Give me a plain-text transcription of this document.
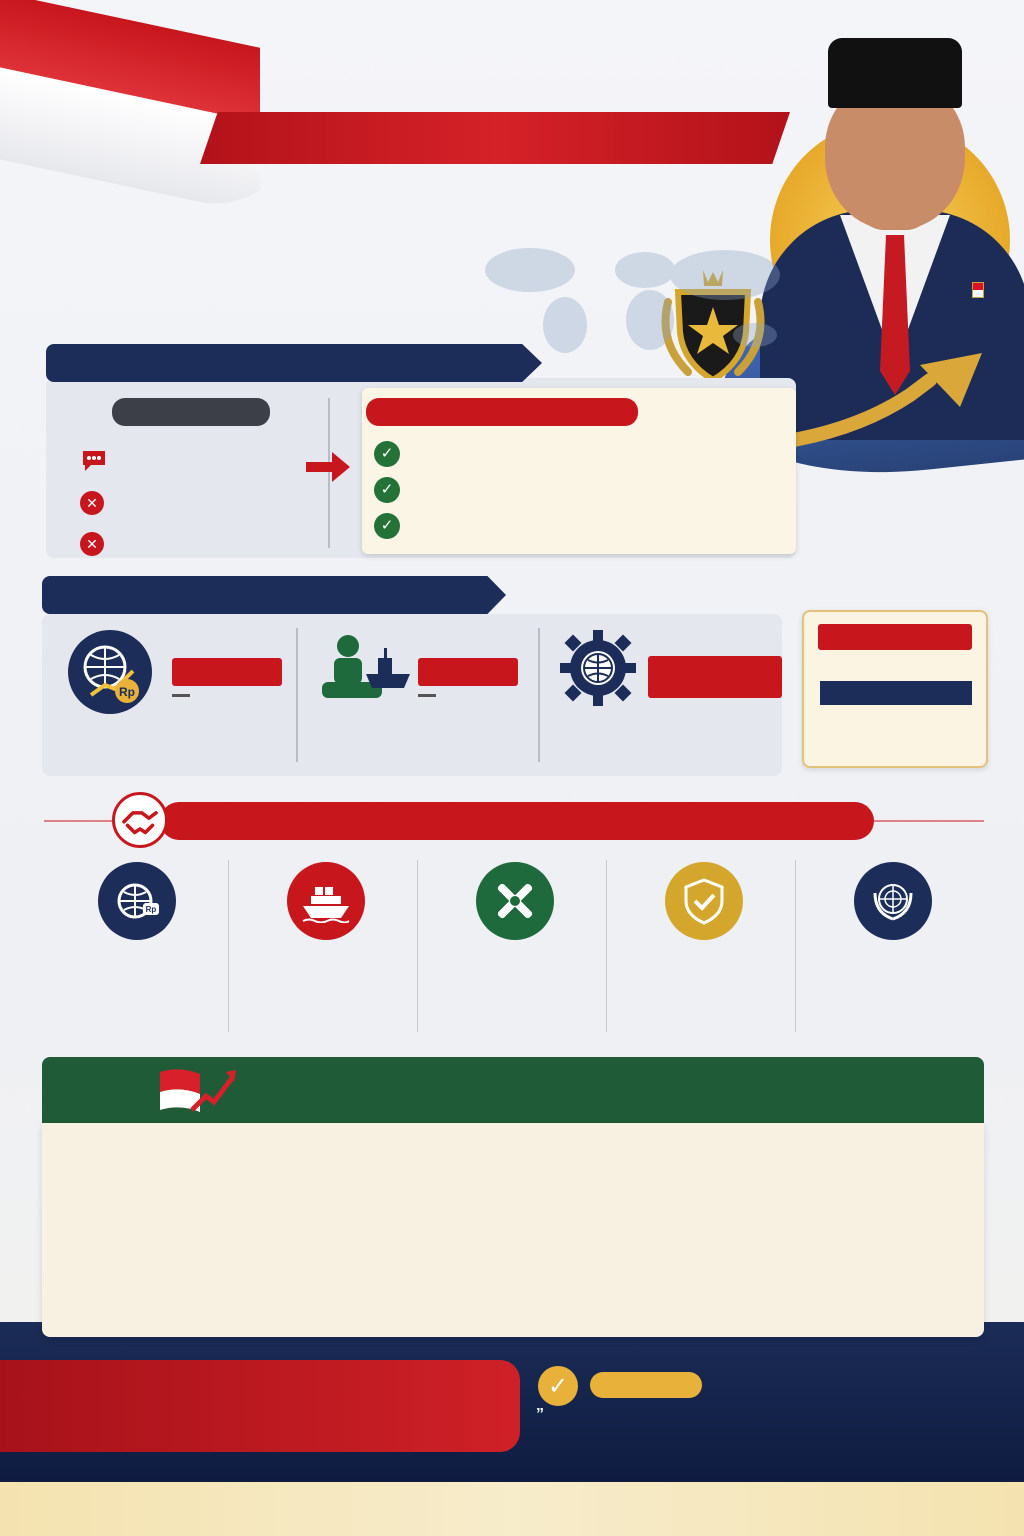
✕
✕
✓
✓
✓
Rp
Rp
✓
”
